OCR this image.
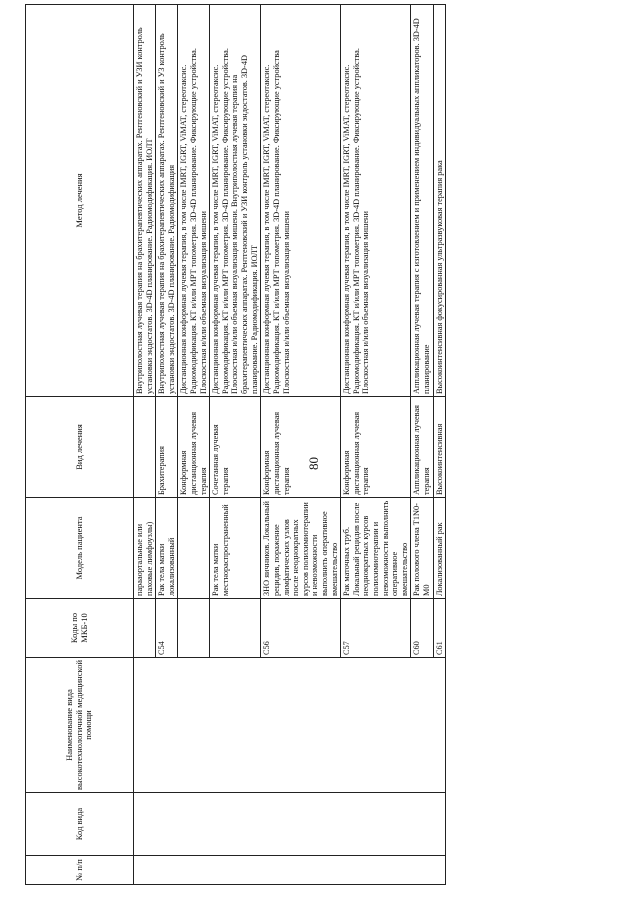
80
№ п/п	Код вида	Наименование вида высокотехнологичной медицинской помощи	Коды по МКБ-10	Модель пациента	Вид лечения	Метод лечения
				парааортальные или паховые лимфоузлы)		Внутриполостная лучевая терапия на брахитерапевтических аппаратах. Рентгеновский и УЗИ контроль установки эндостатов. 3D-4D планирование. Радиомодификация. ИОЛТ
			С54	Рак тела матки локализованный	Брахитерапия	Внутриполостная лучевая терапия на брахитерапевтических аппаратах. Рентгеновский и УЗ контроль установки эндостатов. 3D-4D планирование. Радиомодификация
					Конформная дистанционная лучевая терапия	Дистанционная конформная лучевая терапия, в том числе IMRT, IGRT, ViMAT, стереотаксис. Радиомодификация. КТ и/или МРТ топометрия. 3D-4D планирование. Фиксирующие устройства. Плоскостная и/или объемная визуализация мишени
				Рак тела матки местнораспространенный	Сочетанная лучевая терапия	Дистанционная конформная лучевая терапия, в том числе IMRT, IGRT, ViMAT, стереотаксис. Радиомодификация. КТ и/или МРТ топометрия. 3D-4D планирование. Фиксирующие устройства. Плоскостная и/или объемная визуализация мишени. Внутриполостная лучевая терапия на брахитерапевтических аппаратах. Рентгеновский и УЗИ контроль установки эндостатов. 3D-4D планирование. Радиомодификация. ИОЛТ
			С56	ЗНО яичников. Локальный рецидив, поражение лимфатических узлов после неоднократных курсов полихимиотерапии и невозможности выполнить оперативное вмешательство	Конформная дистанционная лучевая терапия	Дистанционная конформная лучевая терапия, в том числе IMRT, IGRT, ViMAT, стереотаксис. Радиомодификация. КТ и/или МРТ топометрия. 3D-4D планирование. Фиксирующие устройства Плоскостная и/или объемная визуализация мишени
			С57	Рак маточных труб. Локальный рецидив после неоднократных курсов полихимиотерапии и невозможности выполнить оперативное вмешательство	Конформная дистанционная лучевая терапия	Дистанционная конформная лучевая терапия, в том числе IMRT, IGRT, ViMAT, стереотаксис. Радиомодификация. КТ и/или МРТ топометрия. 3D-4D планирование. Фиксирующие устройства. Плоскостная и/или объемная визуализация мишени
			С60	Рак полового члена T1N0-M0	Аппликационная лучевая терапия	Аппликационная лучевая терапия с изготовлением и применением индивидуальных аппликаторов. 3D-4D планирование
			С61	Локализованный рак	Высокоинтенсивная	Высокоинтенсивная фокусированная ультразвуковая терапия рака
